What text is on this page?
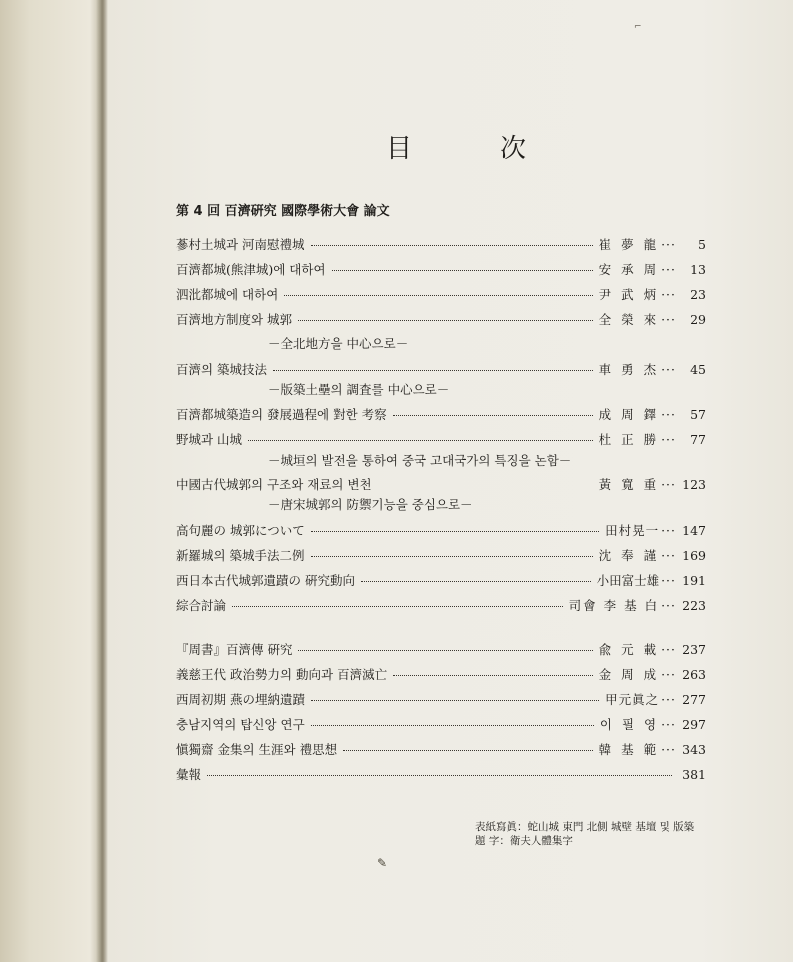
⌐
目	次
第 4 回 百濟硏究 國際學術大會 論文
蔘村土城과 河南慰禮城	崔 夢 龍 ···	5
百濟都城(熊津城)에 대하여	安 承 周 ···	13
泗沘都城에 대하여	尹 武 炳 ···	23
百濟地方制度와 城郭	全 榮 來 ···	29
－全北地方을 中心으로－
百濟의 築城技法	車 勇 杰 ···	45
－版築土壘의 調査를 中心으로－
百濟都城築造의 發展過程에 對한 考察	成 周 鐸 ···	57
野城과 山城	杜 正 勝 ···	77
－城垣의 발전을 통하여 중국 고대국가의 특징을 논함－
中國古代城郭의 구조와 재료의 변천	黃 寬 重 ··· 123
－唐宋城郭의 防禦기능을 중심으로－
高句麗の 城郭について	田村晃一 ··· 147
新羅城의 築城手法二例	沈 奉 謹 ··· 169
西日本古代城郭遺蹟の 硏究動向	小田富士雄 ··· 191
綜合討論	司會 李 基 白 ··· 223
『周書』百濟傳 硏究	兪 元 載 ··· 237
義慈王代 政治勢力의 動向과 百濟滅亡	金 周 成 ··· 263
西周初期 燕の埋納遺蹟	甲元眞之 ··· 277
충남지역의 탑신앙 연구	이 필 영 ··· 297
愼獨齋 金集의 生涯와 禮思想	韓 基 範 ··· 343
彙報	381
表紙寫眞：蛇山城 東門 北側 城壁 基壇 및 版築
題 字：衛夫人體集字
✎
